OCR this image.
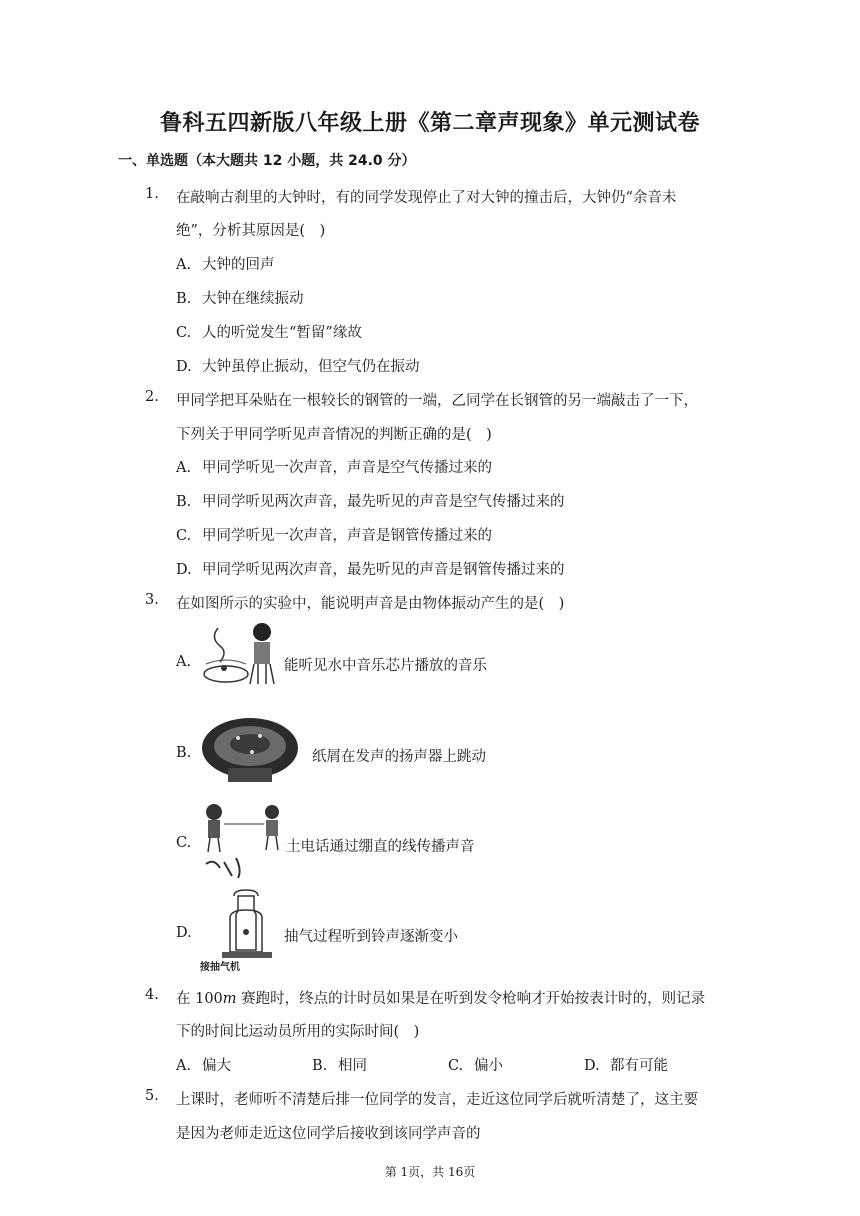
鲁科五四新版八年级上册《第二章声现象》单元测试卷
一、单选题（本大题共 12 小题，共 24.0 分）
1. 在敲响古刹里的大钟时，有的同学发现停止了对大钟的撞击后，大钟仍“余音未
绝”，分析其原因是(　)
A. 大钟的回声
B. 大钟在继续振动
C. 人的听觉发生“暂留”缘故
D. 大钟虽停止振动，但空气仍在振动
2. 甲同学把耳朵贴在一根较长的钢管的一端，乙同学在长钢管的另一端敲击了一下，
下列关于甲同学听见声音情况的判断正确的是(　)
A. 甲同学听见一次声音，声音是空气传播过来的
B. 甲同学听见两次声音，最先听见的声音是空气传播过来的
C. 甲同学听见一次声音，声音是钢管传播过来的
D. 甲同学听见两次声音，最先听见的声音是钢管传播过来的
3. 在如图所示的实验中，能说明声音是由物体振动产生的是(　)
A.	能听见水中音乐芯片播放的音乐
B.	纸屑在发声的扬声器上跳动
C.	土电话通过绷直的线传播声音
D.	抽气过程听到铃声逐渐变小
接抽气机
4. 在 100m 赛跑时，终点的计时员如果是在听到发令枪响才开始按表计时的，则记录
下的时间比运动员所用的实际时间(　)
A. 偏大	B. 相同	C. 偏小	D. 都有可能
5. 上课时，老师听不清楚后排一位同学的发言，走近这位同学后就听清楚了，这主要
是因为老师走近这位同学后接收到该同学声音的
第 1页，共 16页
